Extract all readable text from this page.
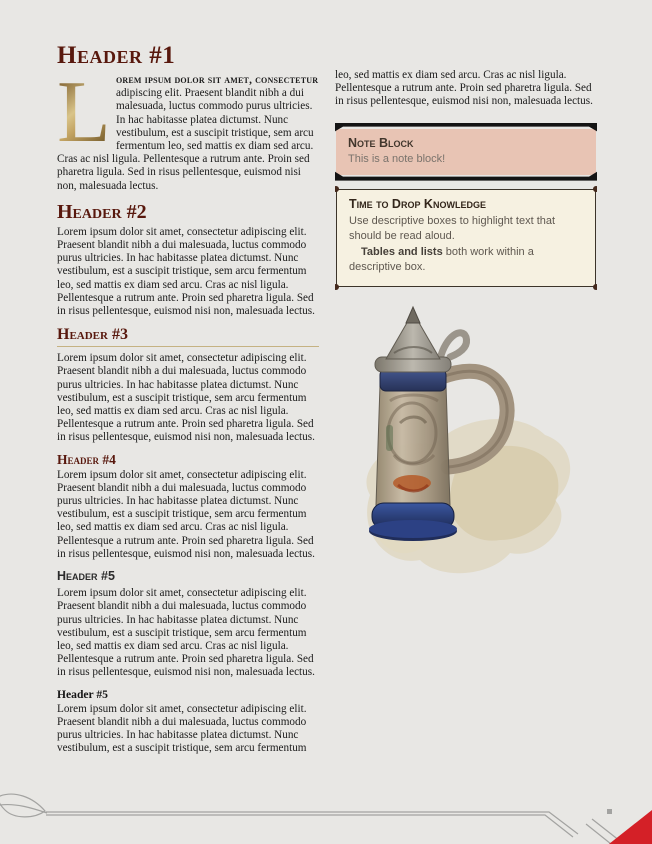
Header #1

L orem ipsum dolor sit amet, consectetur adipiscing elit. Praesent blandit nibh a dui malesuada, luctus commodo purus ultricies. In hac habitasse platea dictumst. Nunc vestibulum, est a suscipit tristique, sem arcu fermentum leo, sed mattis ex diam sed arcu. Cras ac nisl ligula. Pellentesque a rutrum ante. Proin sed pharetra ligula. Sed in risus pellentesque, euismod nisi non, malesuada lectus.

Header #2

Lorem ipsum dolor sit amet, consectetur adipiscing elit. Praesent blandit nibh a dui malesuada, luctus commodo purus ultricies. In hac habitasse platea dictumst. Nunc vestibulum, est a suscipit tristique, sem arcu fermentum leo, sed mattis ex diam sed arcu. Cras ac nisl ligula. Pellentesque a rutrum ante. Proin sed pharetra ligula. Sed in risus pellentesque, euismod nisi non, malesuada lectus.

Header #3

Lorem ipsum dolor sit amet, consectetur adipiscing elit. Praesent blandit nibh a dui malesuada, luctus commodo purus ultricies. In hac habitasse platea dictumst. Nunc vestibulum, est a suscipit tristique, sem arcu fermentum leo, sed mattis ex diam sed arcu. Cras ac nisl ligula. Pellentesque a rutrum ante. Proin sed pharetra ligula. Sed in risus pellentesque, euismod nisi non, malesuada lectus.

Header #4

Lorem ipsum dolor sit amet, consectetur adipiscing elit. Praesent blandit nibh a dui malesuada, luctus commodo purus ultricies. In hac habitasse platea dictumst. Nunc vestibulum, est a suscipit tristique, sem arcu fermentum leo, sed mattis ex diam sed arcu. Cras ac nisl ligula. Pellentesque a rutrum ante. Proin sed pharetra ligula. Sed in risus pellentesque, euismod nisi non, malesuada lectus.

Header #5

Lorem ipsum dolor sit amet, consectetur adipiscing elit. Praesent blandit nibh a dui malesuada, luctus commodo purus ultricies. In hac habitasse platea dictumst. Nunc vestibulum, est a suscipit tristique, sem arcu fermentum leo, sed mattis ex diam sed arcu. Cras ac nisl ligula. Pellentesque a rutrum ante. Proin sed pharetra ligula. Sed in risus pellentesque, euismod nisi non, malesuada lectus.

Header #5

Lorem ipsum dolor sit amet, consectetur adipiscing elit. Praesent blandit nibh a dui malesuada, luctus commodo purus ultricies. In hac habitasse platea dictumst. Nunc vestibulum, est a suscipit tristique, sem arcu fermentum

leo, sed mattis ex diam sed arcu. Cras ac nisl ligula. Pellentesque a rutrum ante. Proin sed pharetra ligula. Sed in risus pellentesque, euismod nisi non, malesuada lectus.

Note Block
This is a note block!
Time to Drop Knowledge
Use descriptive boxes to highlight text that should be read aloud.
Tables and lists both work within a descriptive box.
